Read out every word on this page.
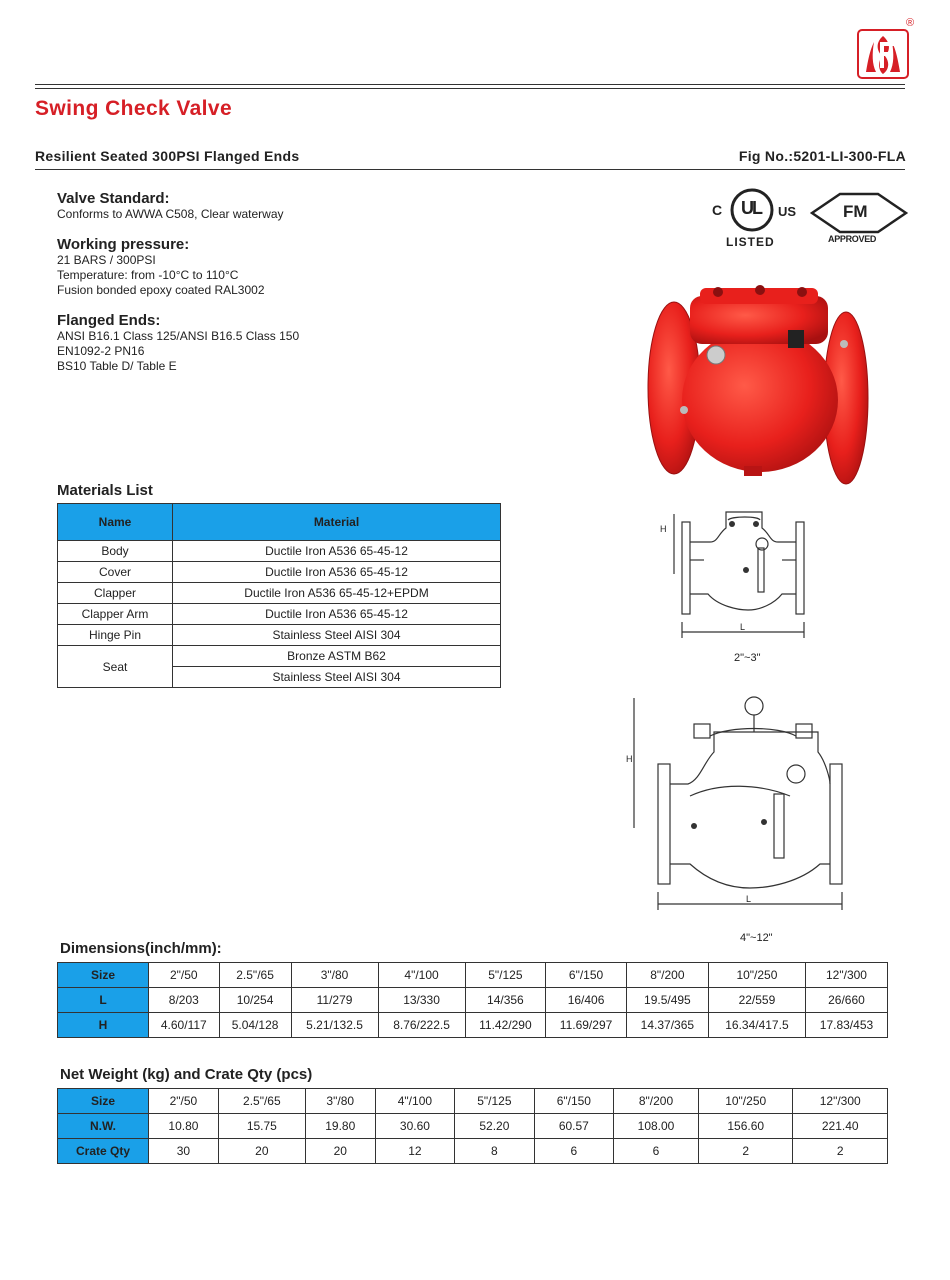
®
Swing Check Valve
Resilient Seated 300PSI Flanged Ends	Fig No.:5201-LI-300-FLA
Valve Standard:
Conforms to AWWA C508, Clear waterway
Working pressure:
21 BARS / 300PSI
Temperature: from -10°C to 110°C
Fusion bonded epoxy coated RAL3002
Flanged Ends:
ANSI B16.1 Class 125/ANSI B16.5 Class 150
EN1092-2 PN16
BS10 Table D/ Table E
C UL US
LISTED
FM
APPROVED
Materials List
Name	Material
Body	Ductile Iron A536 65-45-12
Cover	Ductile Iron A536 65-45-12
Clapper	Ductile Iron A536 65-45-12+EPDM
Clapper Arm	Ductile Iron A536 65-45-12
Hinge Pin	Stainless Steel AISI 304
Seat	Bronze ASTM B62
	Stainless Steel AISI 304
H
L
2"~3"
H
L
4"~12"
Dimensions(inch/mm):
Size	2"/50	2.5"/65	3"/80	4"/100	5"/125	6"/150	8"/200	10"/250	12"/300
L	8/203	10/254	11/279	13/330	14/356	16/406	19.5/495	22/559	26/660
H	4.60/117	5.04/128	5.21/132.5	8.76/222.5	11.42/290	11.69/297	14.37/365	16.34/417.5	17.83/453
Net Weight (kg) and Crate Qty (pcs)
Size	2"/50	2.5"/65	3"/80	4"/100	5"/125	6"/150	8"/200	10"/250	12"/300
N.W.	10.80	15.75	19.80	30.60	52.20	60.57	108.00	156.60	221.40
Crate Qty	30	20	20	12	8	6	6	2	2
